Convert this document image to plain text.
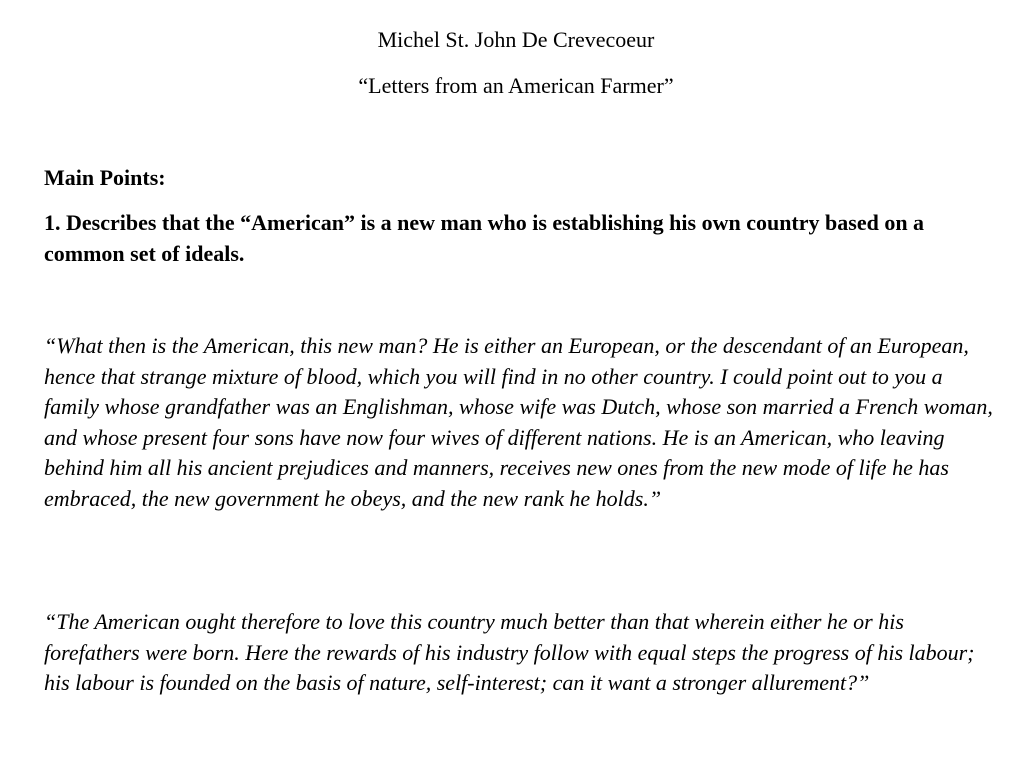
Michel St. John De Crevecoeur

“Letters from an American Farmer”

Main Points:

1. Describes that the “American” is a new man who is establishing his own country based on a common set of ideals.

“What then is the American, this new man? He is either an European, or the descendant of an European, hence that strange mixture of blood, which you will find in no other country. I could point out to you a family whose grandfather was an Englishman, whose wife was Dutch, whose son married a French woman, and whose present four sons have now four wives of different nations. He is an American, who leaving behind him all his ancient prejudices and manners, receives new ones from the new mode of life he has embraced, the new government he obeys, and the new rank he holds.”

“The American ought therefore to love this country much better than that wherein either he or his forefathers were born. Here the rewards of his industry follow with equal steps the progress of his labour; his labour is founded on the basis of nature, self-interest; can it want a stronger allurement?”
